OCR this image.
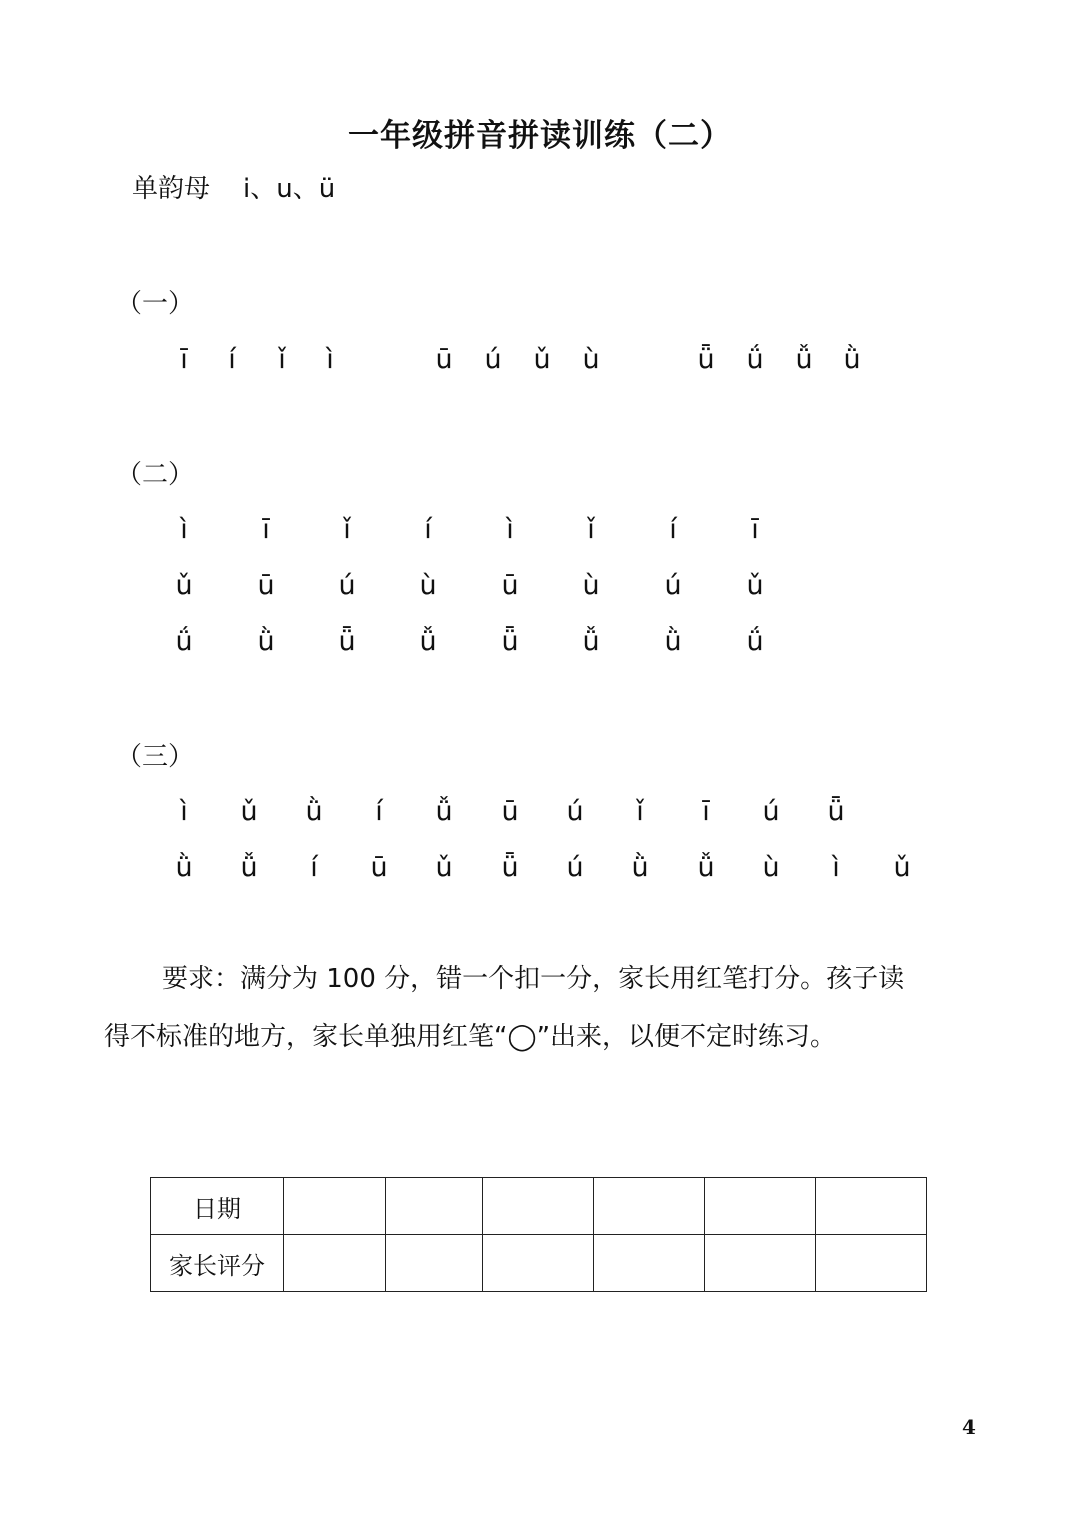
一年级拼音拼读训练（二）
单韵母    i、u、ü
（一）
ī	í	ǐ	ì	ū	ú	ǔ	ù	ǖ	ǘ	ǚ	ǜ
（二）
ì	ī	ǐ	í	ì	ǐ	í	ī
ǔ	ū	ú	ù	ū	ù	ú	ǔ
ǘ	ǜ	ǖ	ǚ	ǖ	ǚ	ǜ	ǘ
（三）
ì	ǔ	ǜ	í	ǚ	ū	ú	ǐ	ī	ú	ǖ
ǜ	ǚ	í	ū	ǔ	ǖ	ú	ǜ	ǚ	ù	ì	ǔ
要求：满分为 100 分，错一个扣一分，家长用红笔打分。孩子读
得不标准的地方，家长单独用红笔“◯”出来，以便不定时练习。
日期						
家长评分						
4
